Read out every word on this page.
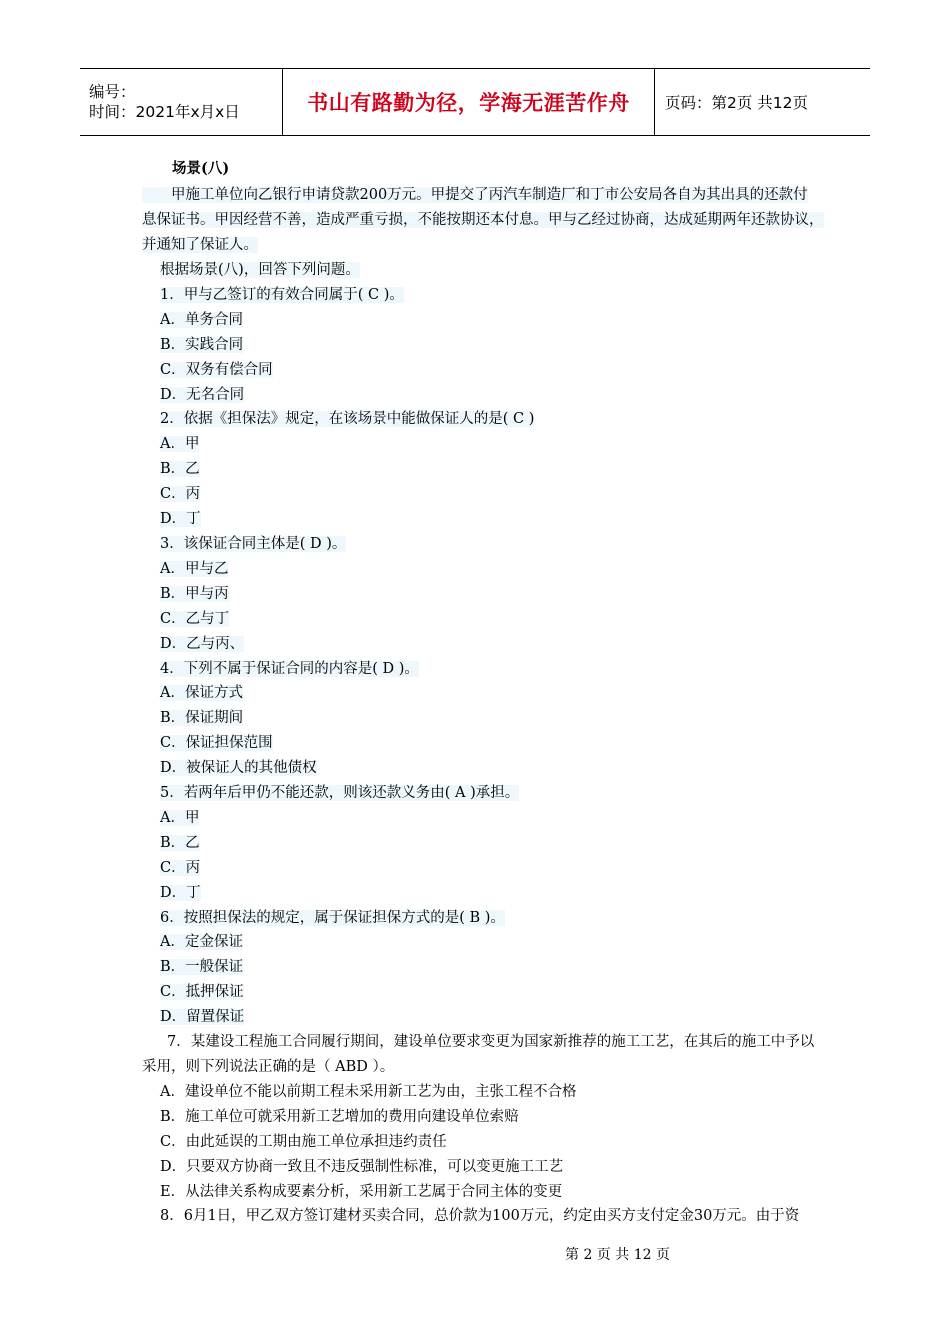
编号：
时间：2021年x月x日	书山有路勤为径，学海无涯苦作舟	页码：第2页 共12页
场景(八)

甲施工单位向乙银行申请贷款200万元。甲提交了丙汽车制造厂和丁市公安局各自为其出具的还款付

息保证书。甲因经营不善，造成严重亏损，不能按期还本付息。甲与乙经过协商，达成延期两年还款协议，

并通知了保证人。

根据场景(八)，回答下列问题。
1．甲与乙签订的有效合同属于( C )。
A．单务合同
B．实践合同
C．双务有偿合同
D．无名合同
2．依据《担保法》规定，在该场景中能做保证人的是( C )
A．甲
B．乙
C．丙
D．丁
3．该保证合同主体是( D )。
A．甲与乙
B．甲与丙
C．乙与丁
D．乙与丙、
4．下列不属于保证合同的内容是( D )。
A．保证方式
B．保证期间
C．保证担保范围
D．被保证人的其他债权
5．若两年后甲仍不能还款，则该还款义务由( A )承担。
A．甲
B．乙
C．丙
D．丁
6．按照担保法的规定，属于保证担保方式的是( B )。
A．定金保证
B．一般保证
C．抵押保证
D．留置保证
7．某建设工程施工合同履行期间，建设单位要求变更为国家新推荐的施工工艺，在其后的施工中予以
采用，则下列说法正确的是（ ABD ）。
A．建设单位不能以前期工程未采用新工艺为由，主张工程不合格
B．施工单位可就采用新工艺增加的费用向建设单位索赔
C．由此延误的工期由施工单位承担违约责任
D．只要双方协商一致且不违反强制性标准，可以变更施工工艺
E．从法律关系构成要素分析，采用新工艺属于合同主体的变更
8．6月1日，甲乙双方签订建材买卖合同，总价款为100万元，约定由买方支付定金30万元。由于资
第 2 页 共 12 页
